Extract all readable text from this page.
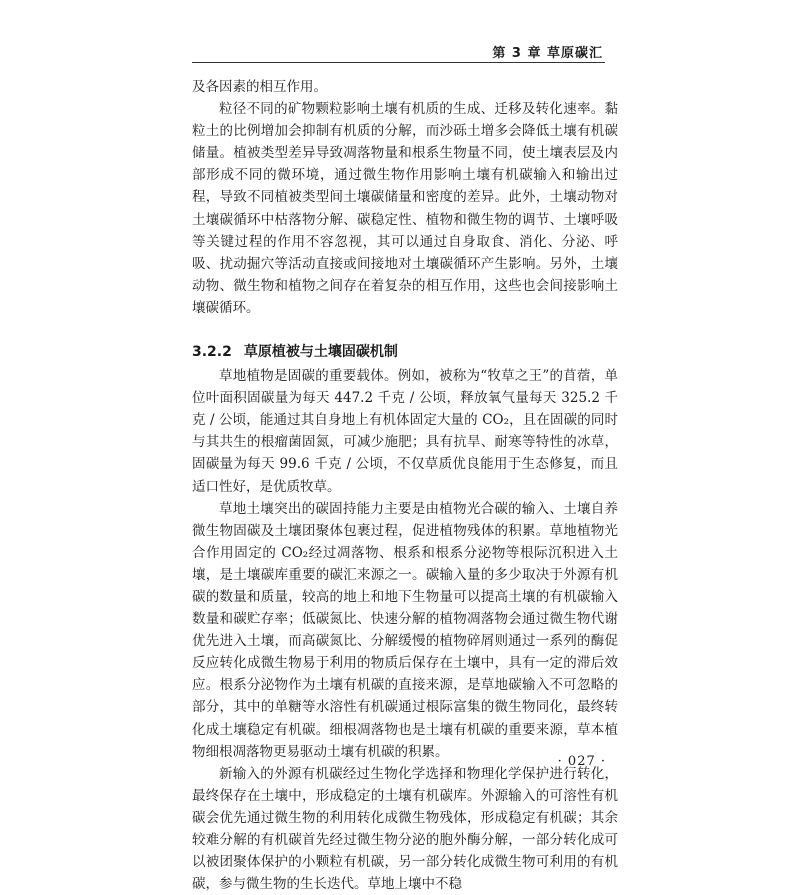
第 3 章 草原碳汇

及各因素的相互作用。

粒径不同的矿物颗粒影响土壤有机质的生成、迁移及转化速率。黏粒土的比例增加会抑制有机质的分解，而沙砾土增多会降低土壤有机碳储量。植被类型差异导致凋落物量和根系生物量不同，使土壤表层及内部形成不同的微环境，通过微生物作用影响土壤有机碳输入和输出过程，导致不同植被类型间土壤碳储量和密度的差异。此外，土壤动物对土壤碳循环中枯落物分解、碳稳定性、植物和微生物的调节、土壤呼吸等关键过程的作用不容忽视，其可以通过自身取食、消化、分泌、呼吸、扰动掘穴等活动直接或间接地对土壤碳循环产生影响。另外，土壤动物、微生物和植物之间存在着复杂的相互作用，这些也会间接影响土壤碳循环。

3.2.2 草原植被与土壤固碳机制

草地植物是固碳的重要载体。例如，被称为“牧草之王”的苜蓿，单位叶面积固碳量为每天 447.2 千克 / 公顷，释放氧气量每天 325.2 千克 / 公顷，能通过其自身地上有机体固定大量的 CO₂，且在固碳的同时与其共生的根瘤菌固氮，可减少施肥；具有抗旱、耐寒等特性的冰草，固碳量为每天 99.6 千克 / 公顷，不仅草质优良能用于生态修复，而且适口性好，是优质牧草。

草地土壤突出的碳固持能力主要是由植物光合碳的输入、土壤自养微生物固碳及土壤团聚体包裹过程，促进植物残体的积累。草地植物光合作用固定的 CO₂经过凋落物、根系和根系分泌物等根际沉积进入土壤，是土壤碳库重要的碳汇来源之一。碳输入量的多少取决于外源有机碳的数量和质量，较高的地上和地下生物量可以提高土壤的有机碳输入数量和碳贮存率；低碳氮比、快速分解的植物凋落物会通过微生物代谢优先进入土壤，而高碳氮比、分解缓慢的植物碎屑则通过一系列的酶促反应转化成微生物易于利用的物质后保存在土壤中，具有一定的滞后效应。根系分泌物作为土壤有机碳的直接来源，是草地碳输入不可忽略的部分，其中的单糖等水溶性有机碳通过根际富集的微生物同化，最终转化成土壤稳定有机碳。细根凋落物也是土壤有机碳的重要来源，草本植物细根凋落物更易驱动土壤有机碳的积累。

新输入的外源有机碳经过生物化学选择和物理化学保护进行转化，最终保存在土壤中，形成稳定的土壤有机碳库。外源输入的可溶性有机碳会优先通过微生物的利用转化成微生物残体，形成稳定有机碳；其余较难分解的有机碳首先经过微生物分泌的胞外酶分解，一部分转化成可以被团聚体保护的小颗粒有机碳，另一部分转化成微生物可利用的有机碳，参与微生物的生长迭代。草地上壤中不稳

· 027 ·
